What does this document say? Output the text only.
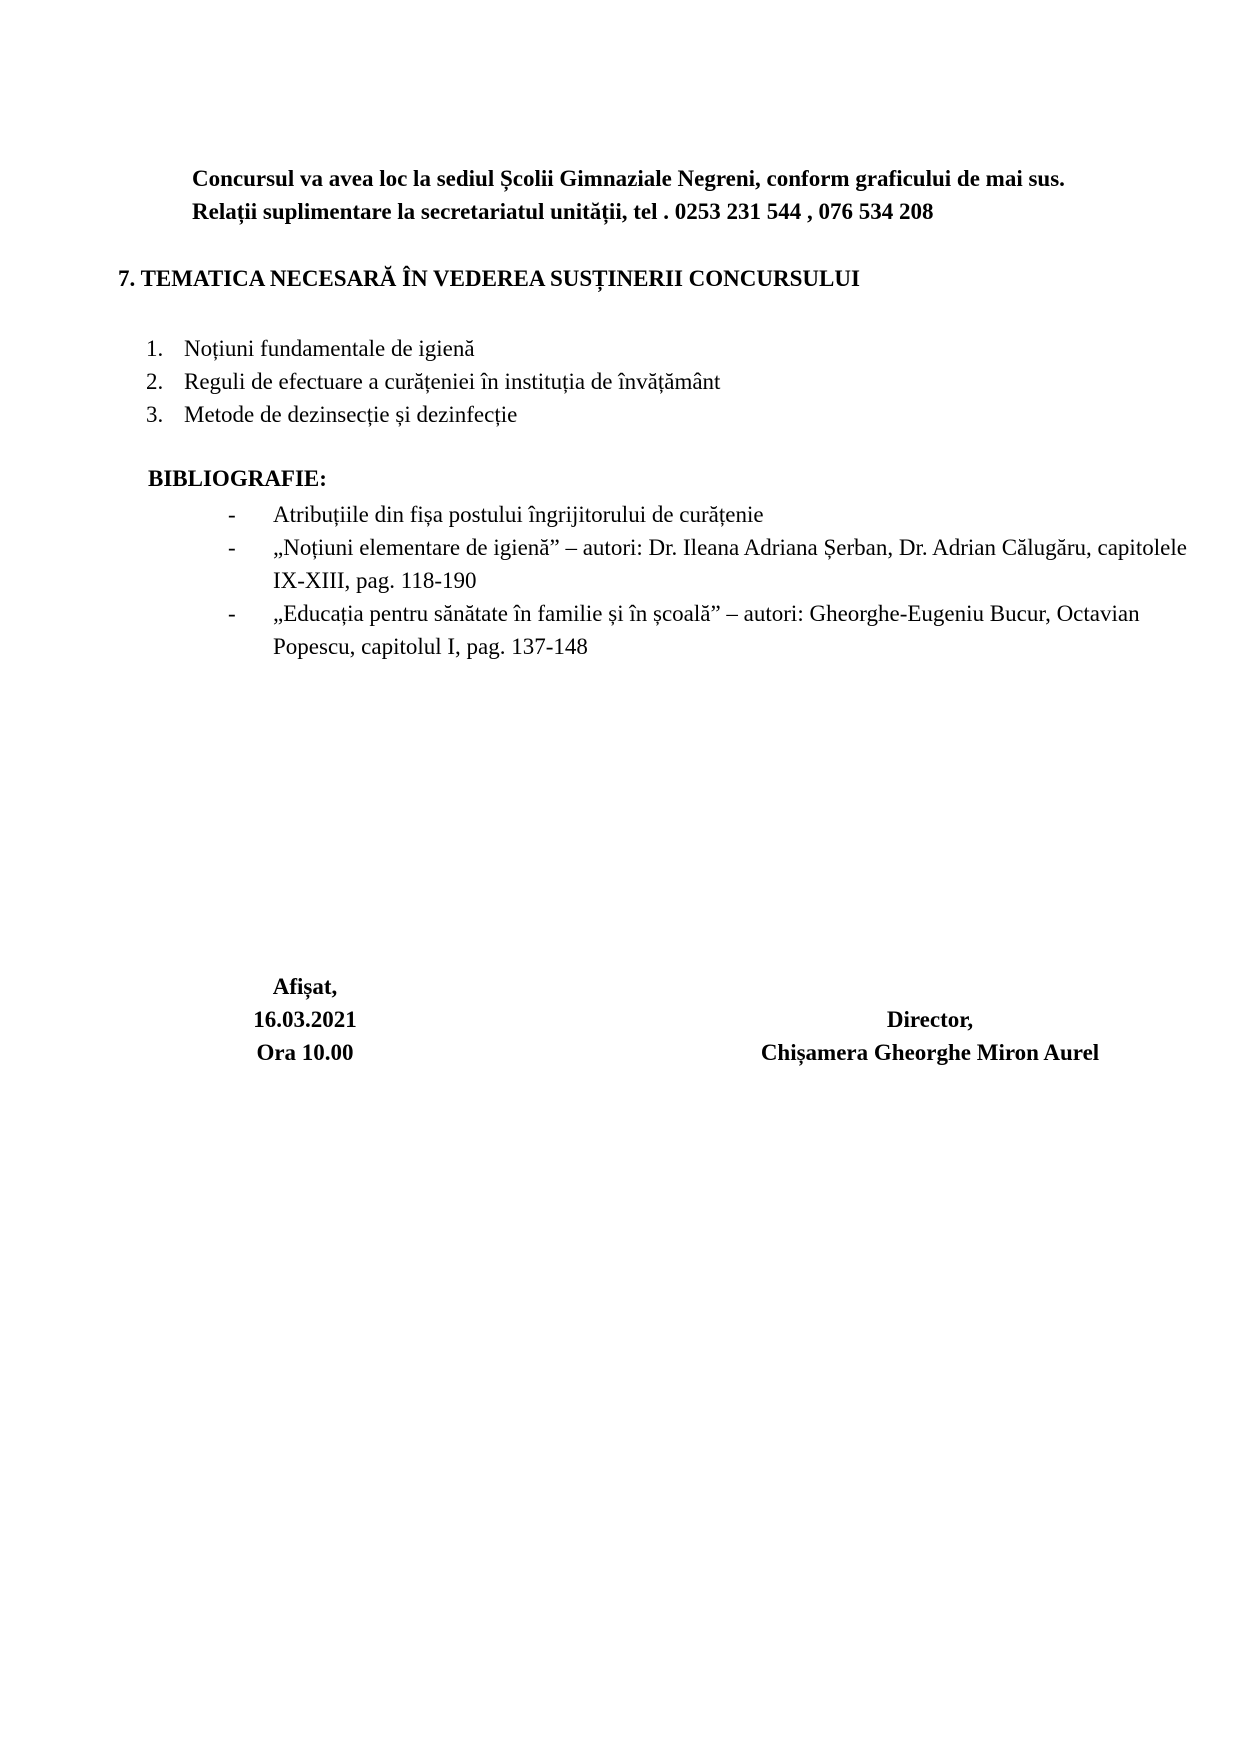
Concursul va avea loc la sediul Școlii Gimnaziale Negreni, conform graficului de mai sus.
Relații suplimentare la secretariatul unității, tel . 0253 231 544 , 076 534 208
7. TEMATICA NECESARĂ ÎN VEDEREA SUSȚINERII CONCURSULUI
1. Noțiuni fundamentale de igienă
2. Reguli de efectuare a curățeniei în instituția de învățământ
3. Metode de dezinsecție și dezinfecție
BIBLIOGRAFIE:
-	Atribuțiile din fișa postului îngrijitorului de curățenie
-	„Noțiuni elementare de igienă” – autori: Dr. Ileana Adriana Șerban, Dr. Adrian Călugăru, capitolele IX-XIII, pag. 118-190
-	„Educația pentru sănătate în familie și în școală” – autori: Gheorghe-Eugeniu Bucur, Octavian Popescu, capitolul I, pag. 137-148
Afișat,
16.03.2021
Ora 10.00
Director,
Chișamera Gheorghe Miron Aurel
